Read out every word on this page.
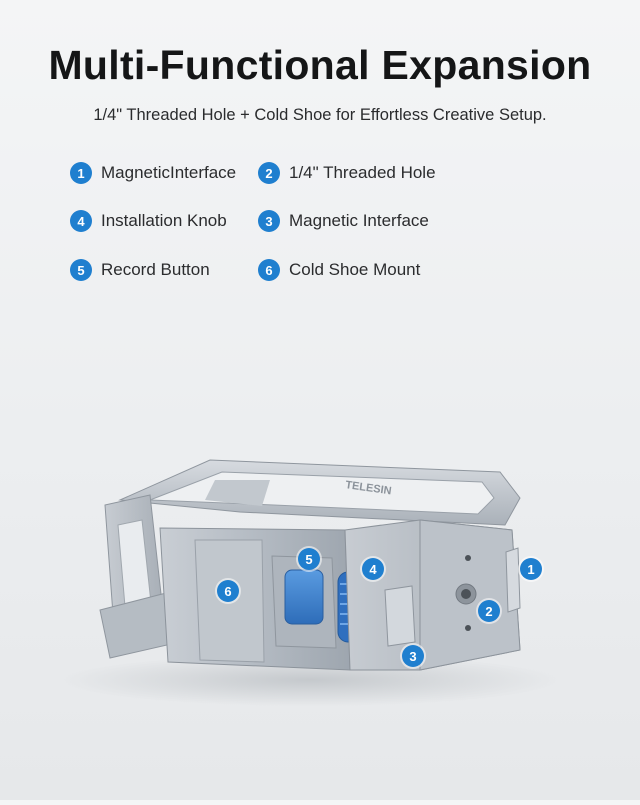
Multi-Functional Expansion
1/4" Threaded Hole + Cold Shoe for Effortless Creative Setup.
1 MagneticInterface	2 1/4" Threaded Hole
4 Installation Knob	3 Magnetic Interface
5 Record Button	6 Cold Shoe Mount
TELESIN
1
2
3
4
5
6
